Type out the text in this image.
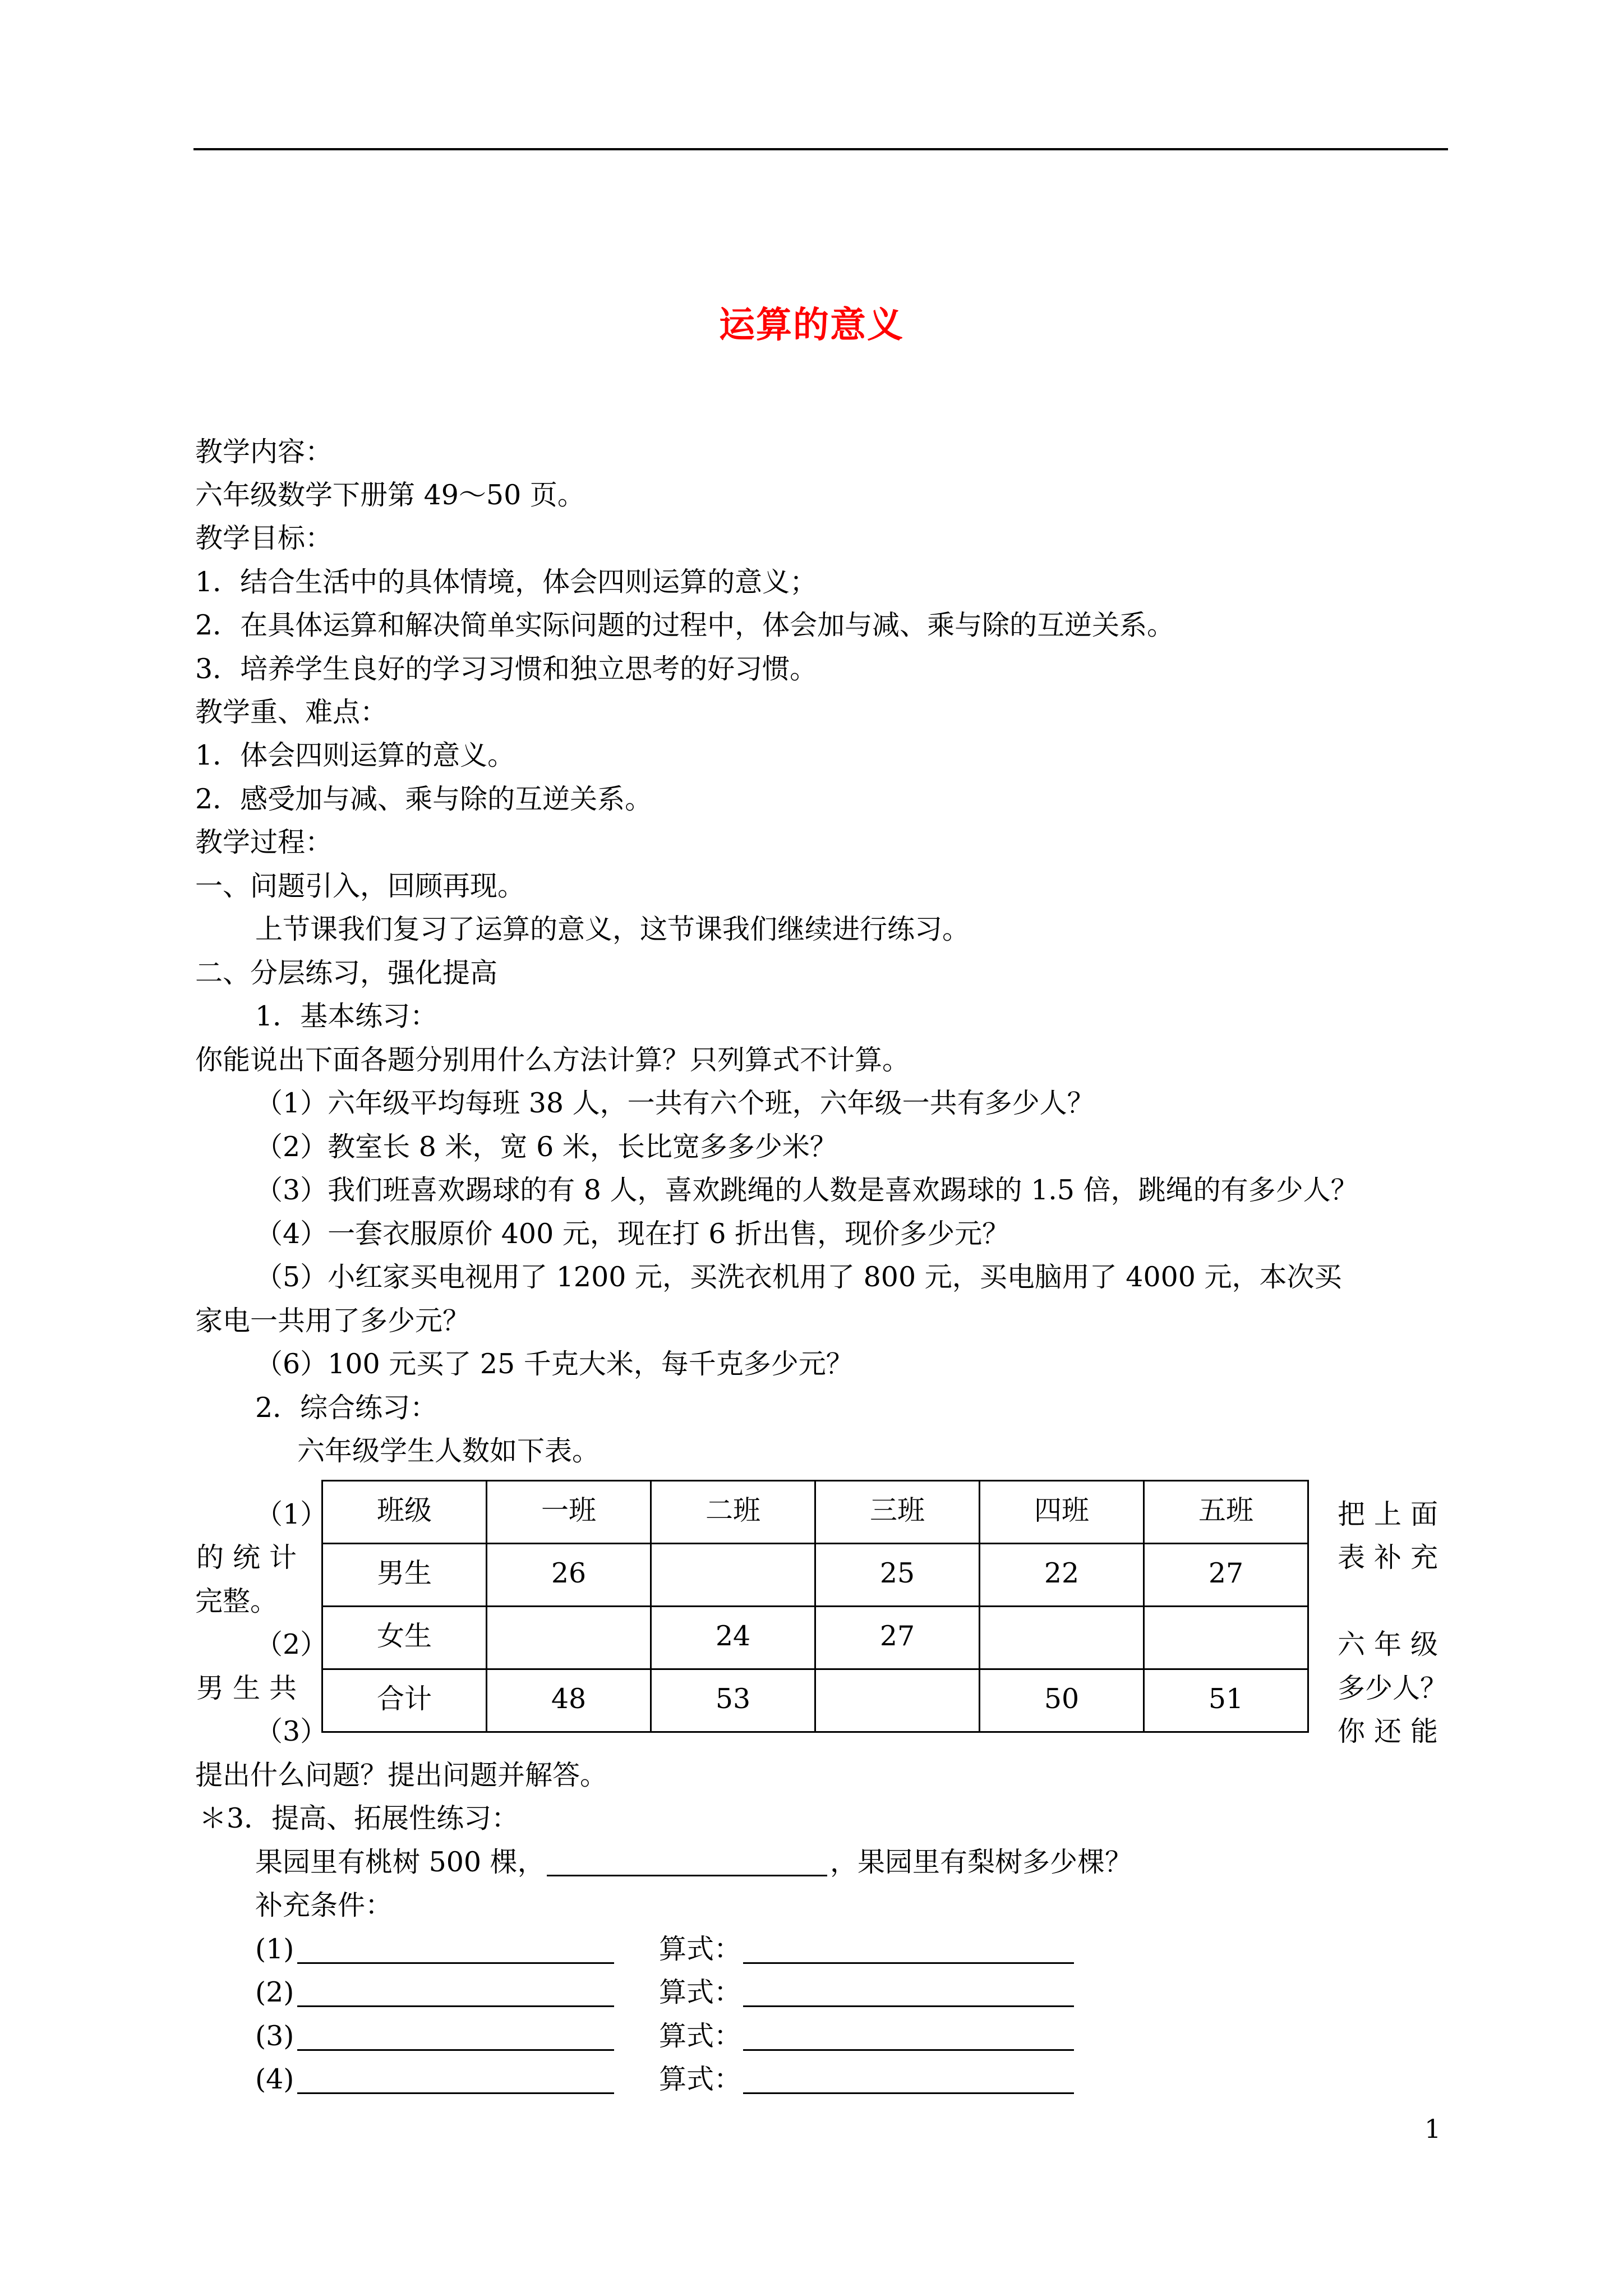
运算的意义
教学内容：
六年级数学下册第 49～50 页。
教学目标：
1．结合生活中的具体情境，体会四则运算的意义；
2．在具体运算和解决简单实际问题的过程中，体会加与减、乘与除的互逆关系。
3．培养学生良好的学习习惯和独立思考的好习惯。
教学重、难点：
1．体会四则运算的意义。
2．感受加与减、乘与除的互逆关系。
教学过程：
一、问题引入，回顾再现。
上节课我们复习了运算的意义，这节课我们继续进行练习。
二、分层练习，强化提高
1．基本练习：
你能说出下面各题分别用什么方法计算？只列算式不计算。
（1）六年级平均每班 38 人，一共有六个班，六年级一共有多少人？
（2）教室长 8 米，宽 6 米，长比宽多多少米？
（3）我们班喜欢踢球的有 8 人，喜欢跳绳的人数是喜欢踢球的 1.5 倍，跳绳的有多少人？
（4）一套衣服原价 400 元，现在打 6 折出售，现价多少元？
（5）小红家买电视用了 1200 元，买洗衣机用了 800 元，买电脑用了 4000 元，本次买
家电一共用了多少元？
（6）100 元买了 25 千克大米，每千克多少元？
2．综合练习：
六年级学生人数如下表。
（1）
的统计
完整。
（2）
男生共
（3）
把上面
表补充
六年级
多少人？
你还能
班级	一班	二班	三班	四班	五班
男生	26		25	22	27
女生		24	27		
合计	48	53		50	51
提出什么问题？提出问题并解答。
＊3．提高、拓展性练习：
果园里有桃树 500 棵，	，果园里有梨树多少棵？
补充条件：
(1)	算式：
(2)	算式：
(3)	算式：
(4)	算式：
1
